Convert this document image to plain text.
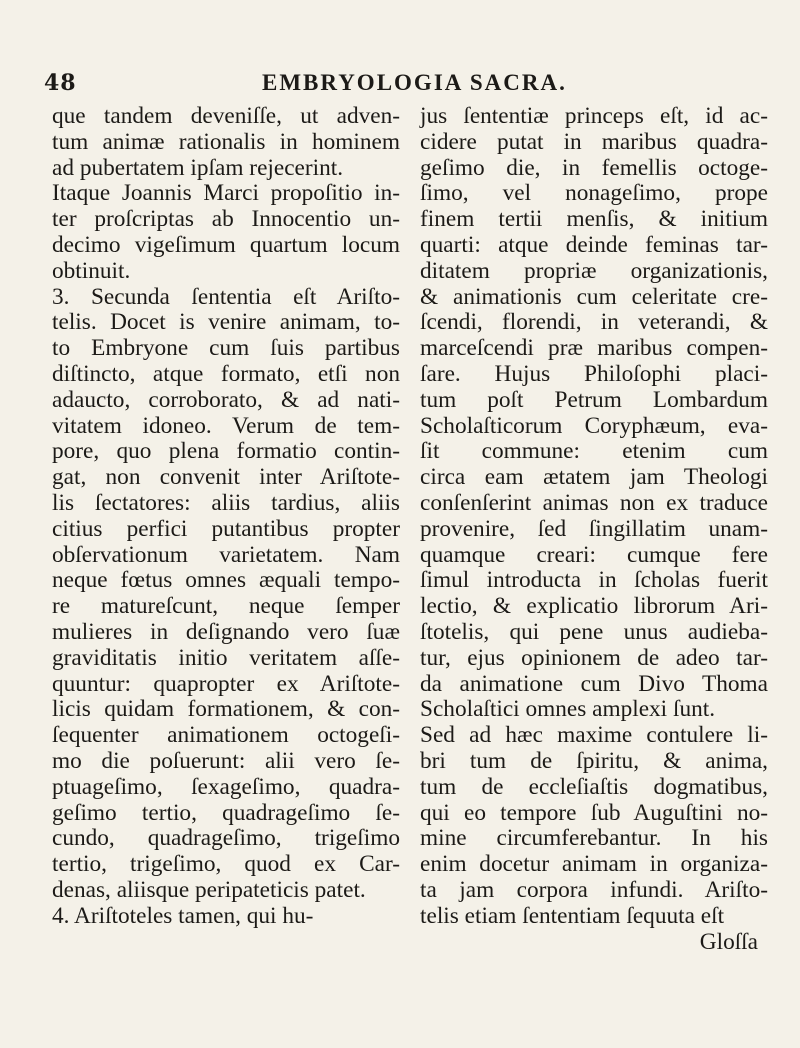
48	EMBRYOLOGIA SACRA.
que tandem deveniſſe, ut adven-
tum animæ rationalis in hominem
ad pubertatem ipſam rejecerint.
Itaque Joannis Marci propoſitio in-
ter proſcriptas ab Innocentio un-
decimo vigeſimum quartum locum
obtinuit.
3. Secunda ſententia eſt Ariſto-
telis. Docet is venire animam, to-
to Embryone cum ſuis partibus
diſtincto, atque formato, etſi non
adaucto, corroborato, & ad nati-
vitatem idoneo. Verum de tem-
pore, quo plena formatio contin-
gat, non convenit inter Ariſtote-
lis ſectatores: aliis tardius, aliis
citius perfici putantibus propter
obſervationum varietatem. Nam
neque fœtus omnes æquali tempo-
re matureſcunt, neque ſemper
mulieres in deſignando vero ſuæ
graviditatis initio veritatem aſſe-
quuntur: quapropter ex Ariſtote-
licis quidam formationem, & con-
ſequenter animationem octogeſi-
mo die poſuerunt: alii vero ſe-
ptuageſimo, ſexageſimo, quadra-
geſimo tertio, quadrageſimo ſe-
cundo, quadrageſimo, trigeſimo
tertio, trigeſimo, quod ex Car-
denas, aliisque peripateticis patet.
4. Ariſtoteles tamen, qui hu-
jus ſententiæ princeps eſt, id ac-
cidere putat in maribus quadra-
geſimo die, in femellis octoge-
ſimo, vel nonageſimo, prope
finem tertii menſis, & initium
quarti: atque deinde feminas tar-
ditatem propriæ organizationis,
& animationis cum celeritate cre-
ſcendi, florendi, in veterandi, &
marceſcendi præ maribus compen-
ſare. Hujus Philoſophi placi-
tum poſt Petrum Lombardum
Scholaſticorum Coryphæum, eva-
ſit commune: etenim cum
circa eam ætatem jam Theologi
conſenſerint animas non ex traduce
provenire, ſed ſingillatim unam-
quamque creari: cumque fere
ſimul introducta in ſcholas fuerit
lectio, & explicatio librorum Ari-
ſtotelis, qui pene unus audieba-
tur, ejus opinionem de adeo tar-
da animatione cum Divo Thoma
Scholaſtici omnes amplexi ſunt.
Sed ad hæc maxime contulere li-
bri tum de ſpiritu, & anima,
tum de eccleſiaſtis dogmatibus,
qui eo tempore ſub Auguſtini no-
mine circumferebantur. In his
enim docetur animam in organiza-
ta jam corpora infundi. Ariſto-
telis etiam ſententiam ſequuta eſt
Gloſſa
